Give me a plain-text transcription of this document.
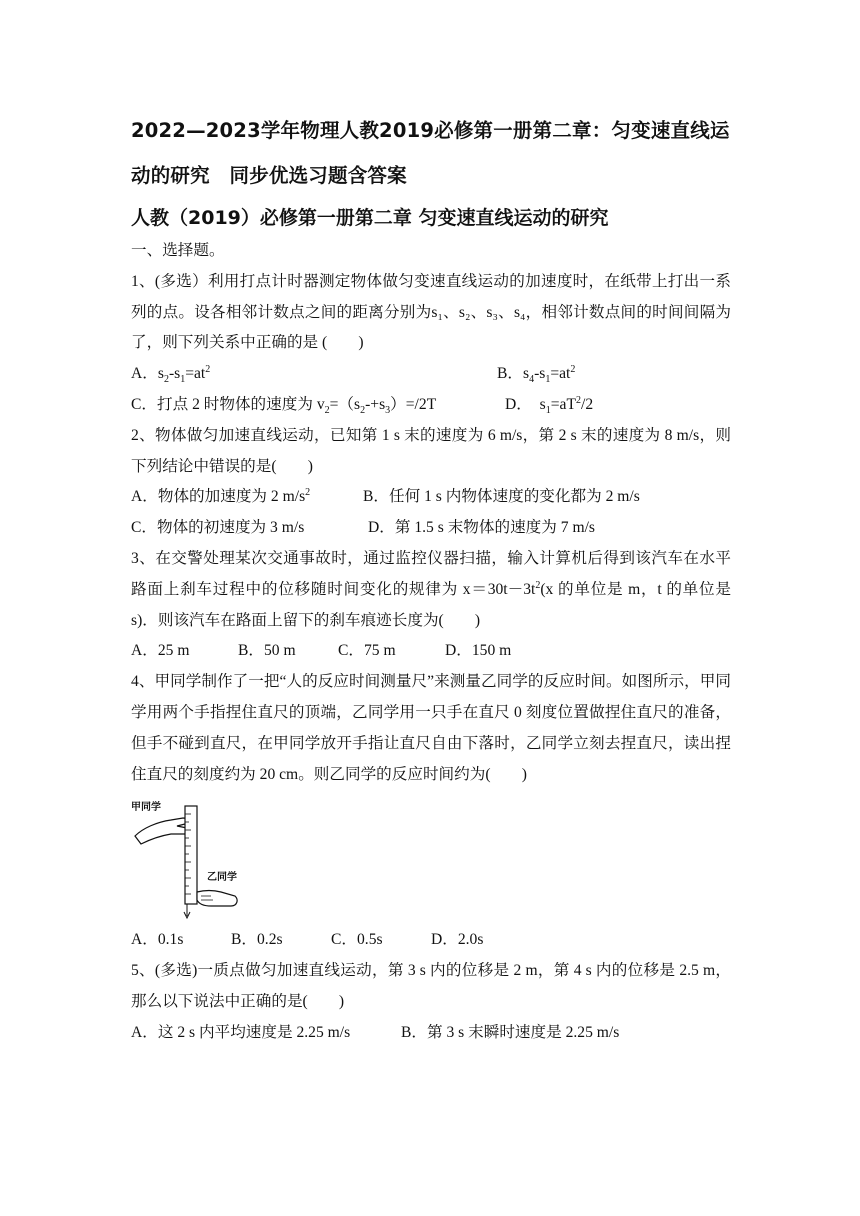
2022—2023学年物理人教2019必修第一册第二章：匀变速直线运动的研究　同步优选习题含答案
人教（2019）必修第一册第二章 匀变速直线运动的研究
一、选择题。
1、(多选）利用打点计时器测定物体做匀变速直线运动的加速度时，在纸带上打出一系列的点。设各相邻计数点之间的距离分别为s₁、s₂、s₃、s₄，相邻计数点间的时间间隔为了，则下列关系中正确的是 (　　)
A．$s_2-s_1=at^2$	B．$s_4-s_1=at^2$
C．打点 2 时物体的速度为 $v_2=(s_2-+s_3)=/2T$	D． $s_1=aT^2/2$
2、物体做匀加速直线运动，已知第 1 s 末的速度为 6 m/s，第 2 s 末的速度为 8 m/s，则下列结论中错误的是(　　)
A．物体的加速度为 2 $m/s^2$	B．任何 1 s 内物体速度的变化都为 2 m/s
C．物体的初速度为 3 m/s	D．第 1.5 s 末物体的速度为 7 m/s
3、在交警处理某次交通事故时，通过监控仪器扫描，输入计算机后得到该汽车在水平路面上刹车过程中的位移随时间变化的规律为 $x=30t-3t^2(x$ 的单位是 m，t 的单位是 s)．则该汽车在路面上留下的刹车痕迹长度为(　　)
A．25 m	B．50 m	C．75 m	D．150 m
4、甲同学制作了一把“人的反应时间测量尺”来测量乙同学的反应时间。如图所示，甲同学用两个手指捏住直尺的顶端，乙同学用一只手在直尺 0 刻度位置做捏住直尺的准备，但手不碰到直尺，在甲同学放开手指让直尺自由下落时，乙同学立刻去捏直尺，读出捏住直尺的刻度约为 20 cm。则乙同学的反应时间约为(　　)
甲同学
乙同学
A．0.1s	B．0.2s	C．0.5s	D．2.0s
5、(多选)一质点做匀加速直线运动，第 3 s 内的位移是 2 m，第 4 s 内的位移是 2.5 m，那么以下说法中正确的是(　　)
A．这 2 s 内平均速度是 2.25 m/s	B．第 3 s 末瞬时速度是 2.25 m/s
